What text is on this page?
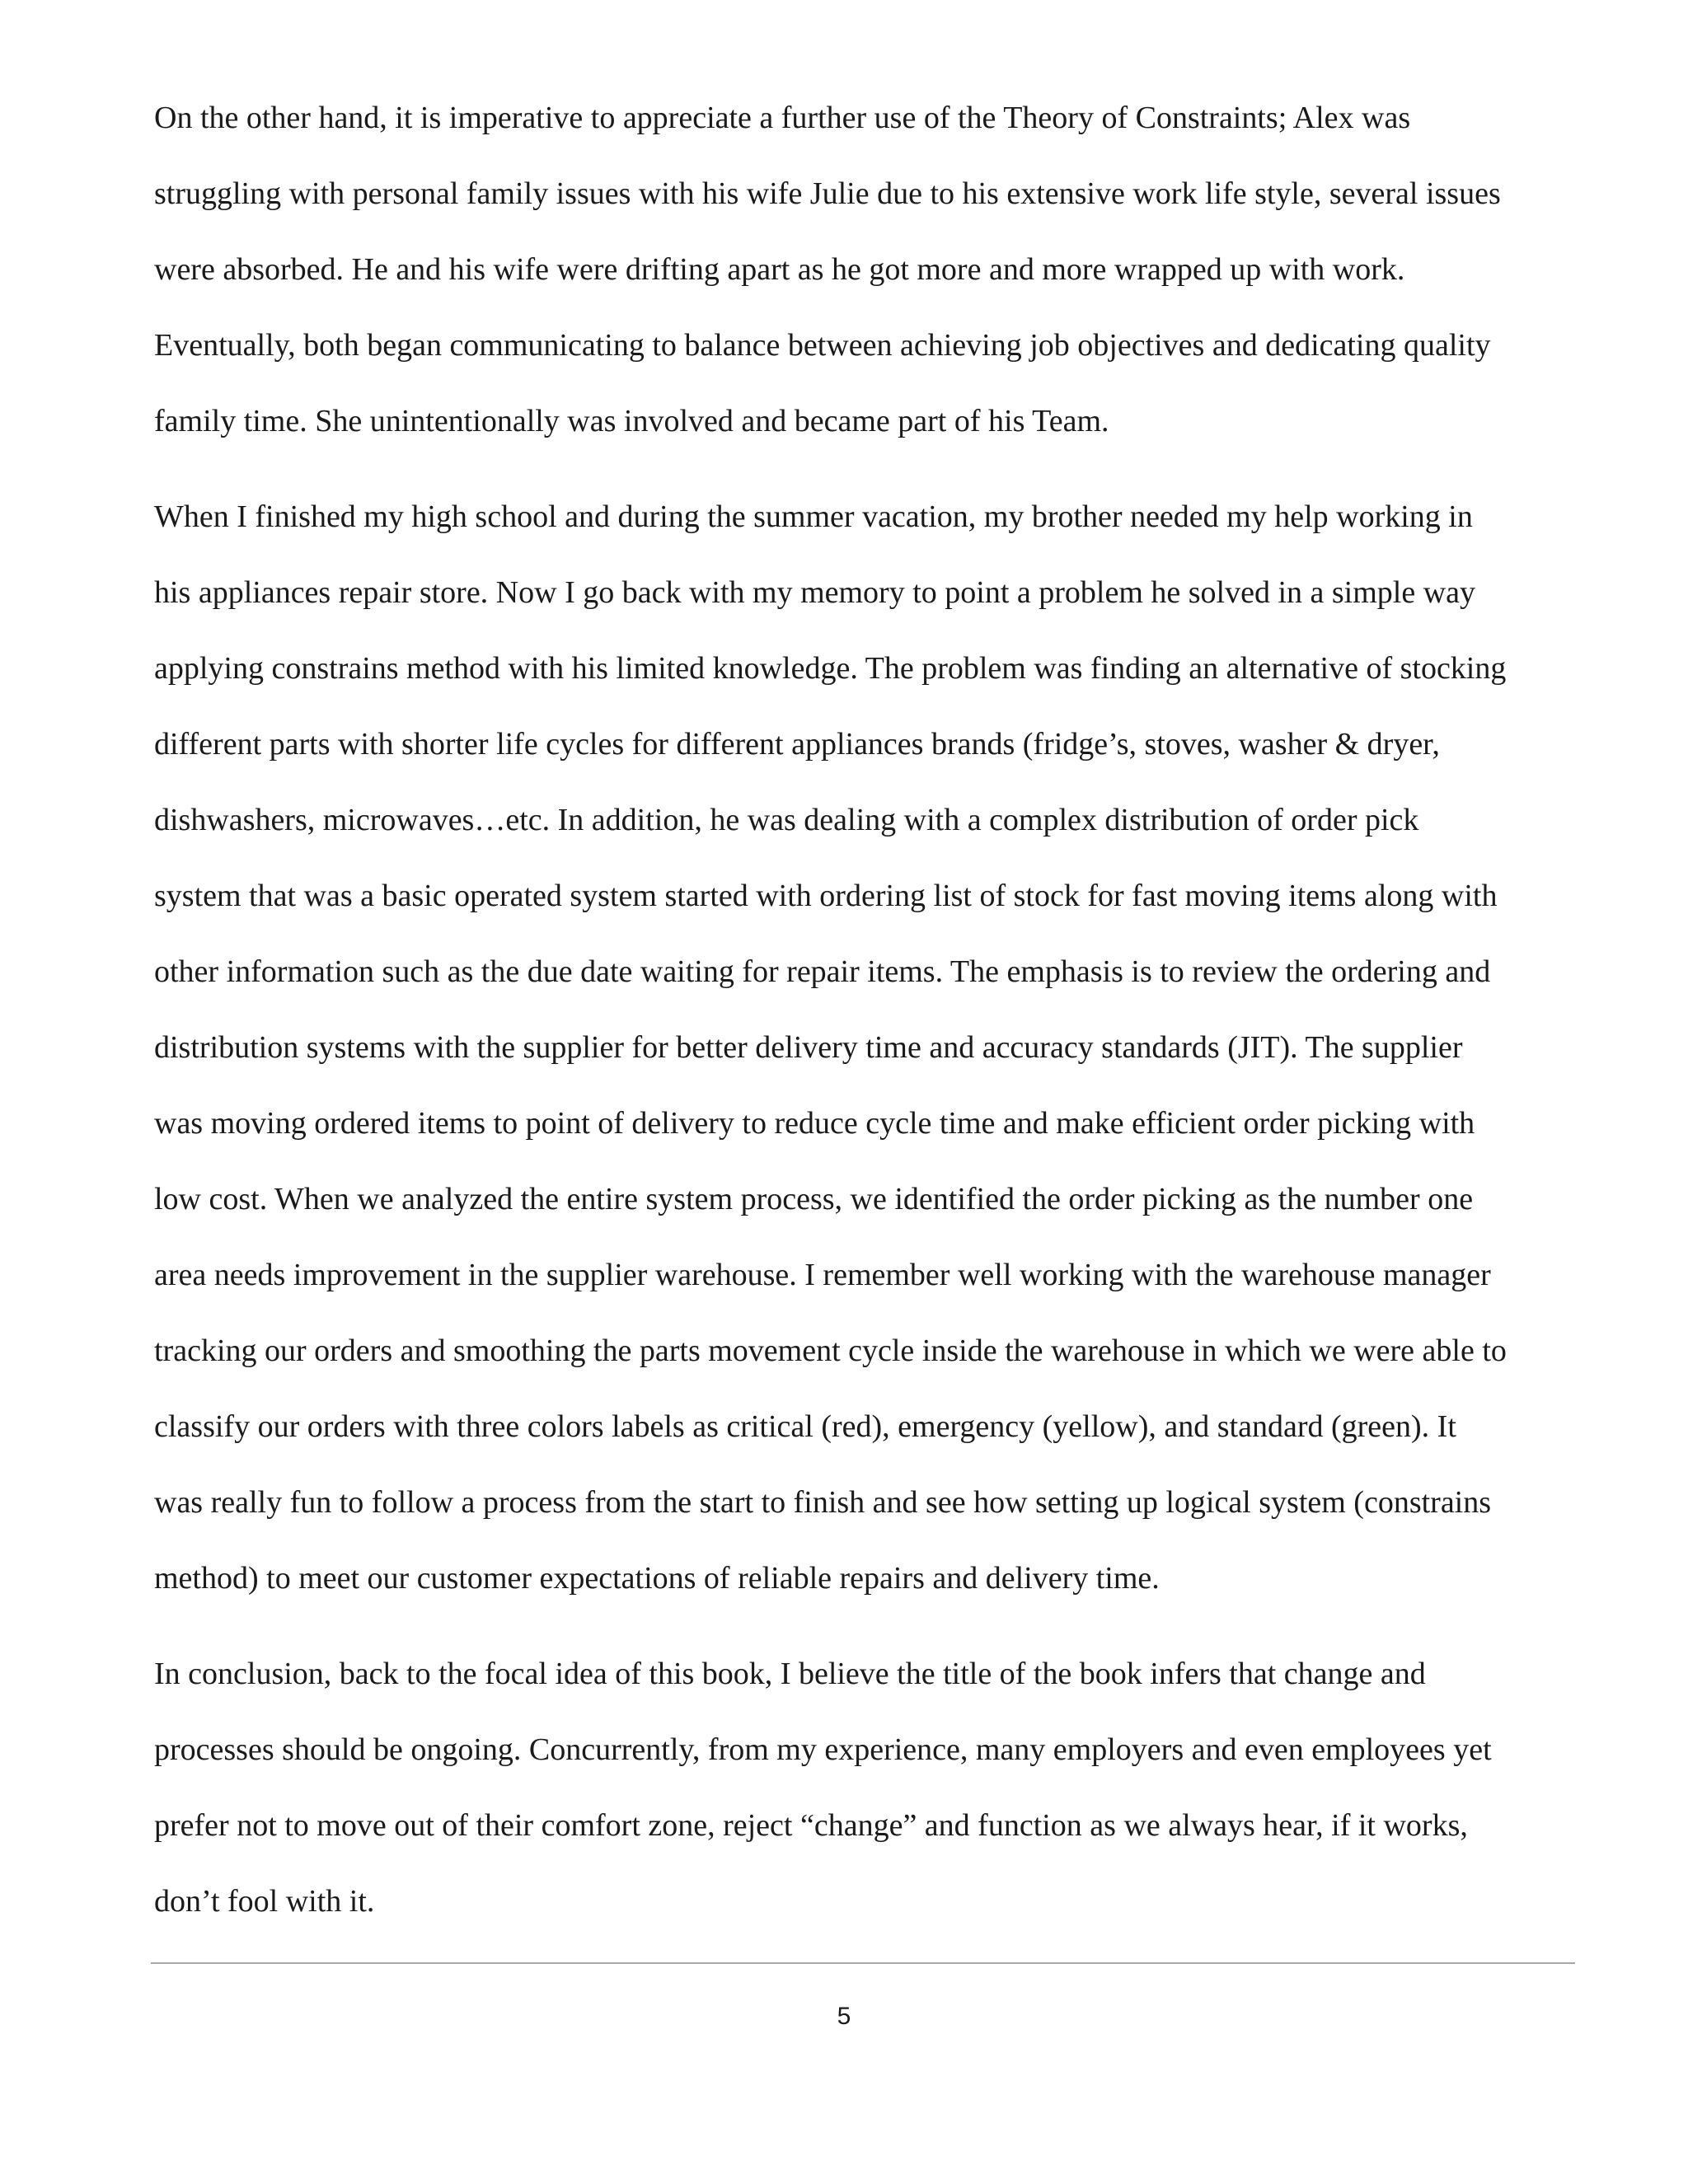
On the other hand, it is imperative to appreciate a further use of the Theory of Constraints; Alex was
struggling with personal family issues with his wife Julie due to his extensive work life style, several issues
were absorbed. He and his wife were drifting apart as he got more and more wrapped up with work.
Eventually, both began communicating to balance between achieving job objectives and dedicating quality
family time. She unintentionally was involved and became part of his Team.
When I finished my high school and during the summer vacation, my brother needed my help working in
his appliances repair store. Now I go back with my memory to point a problem he solved in a simple way
applying constrains method with his limited knowledge. The problem was finding an alternative of stocking
different parts with shorter life cycles for different appliances brands (fridge’s, stoves, washer & dryer,
dishwashers, microwaves…etc. In addition, he was dealing with a complex distribution of order pick
system that was a basic operated system started with ordering list of stock for fast moving items along with
other information such as the due date waiting for repair items. The emphasis is to review the ordering and
distribution systems with the supplier for better delivery time and accuracy standards (JIT). The supplier
was moving ordered items to point of delivery to reduce cycle time and make efficient order picking with
low cost. When we analyzed the entire system process, we identified the order picking as the number one
area needs improvement in the supplier warehouse. I remember well working with the warehouse manager
tracking our orders and smoothing the parts movement cycle inside the warehouse in which we were able to
classify our orders with three colors labels as critical (red), emergency (yellow), and standard (green). It
was really fun to follow a process from the start to finish and see how setting up logical system (constrains
method) to meet our customer expectations of reliable repairs and delivery time.
In conclusion, back to the focal idea of this book, I believe the title of the book infers that change and
processes should be ongoing. Concurrently, from my experience, many employers and even employees yet
prefer not to move out of their comfort zone, reject “change” and function as we always hear, if it works,
don’t fool with it.
5
